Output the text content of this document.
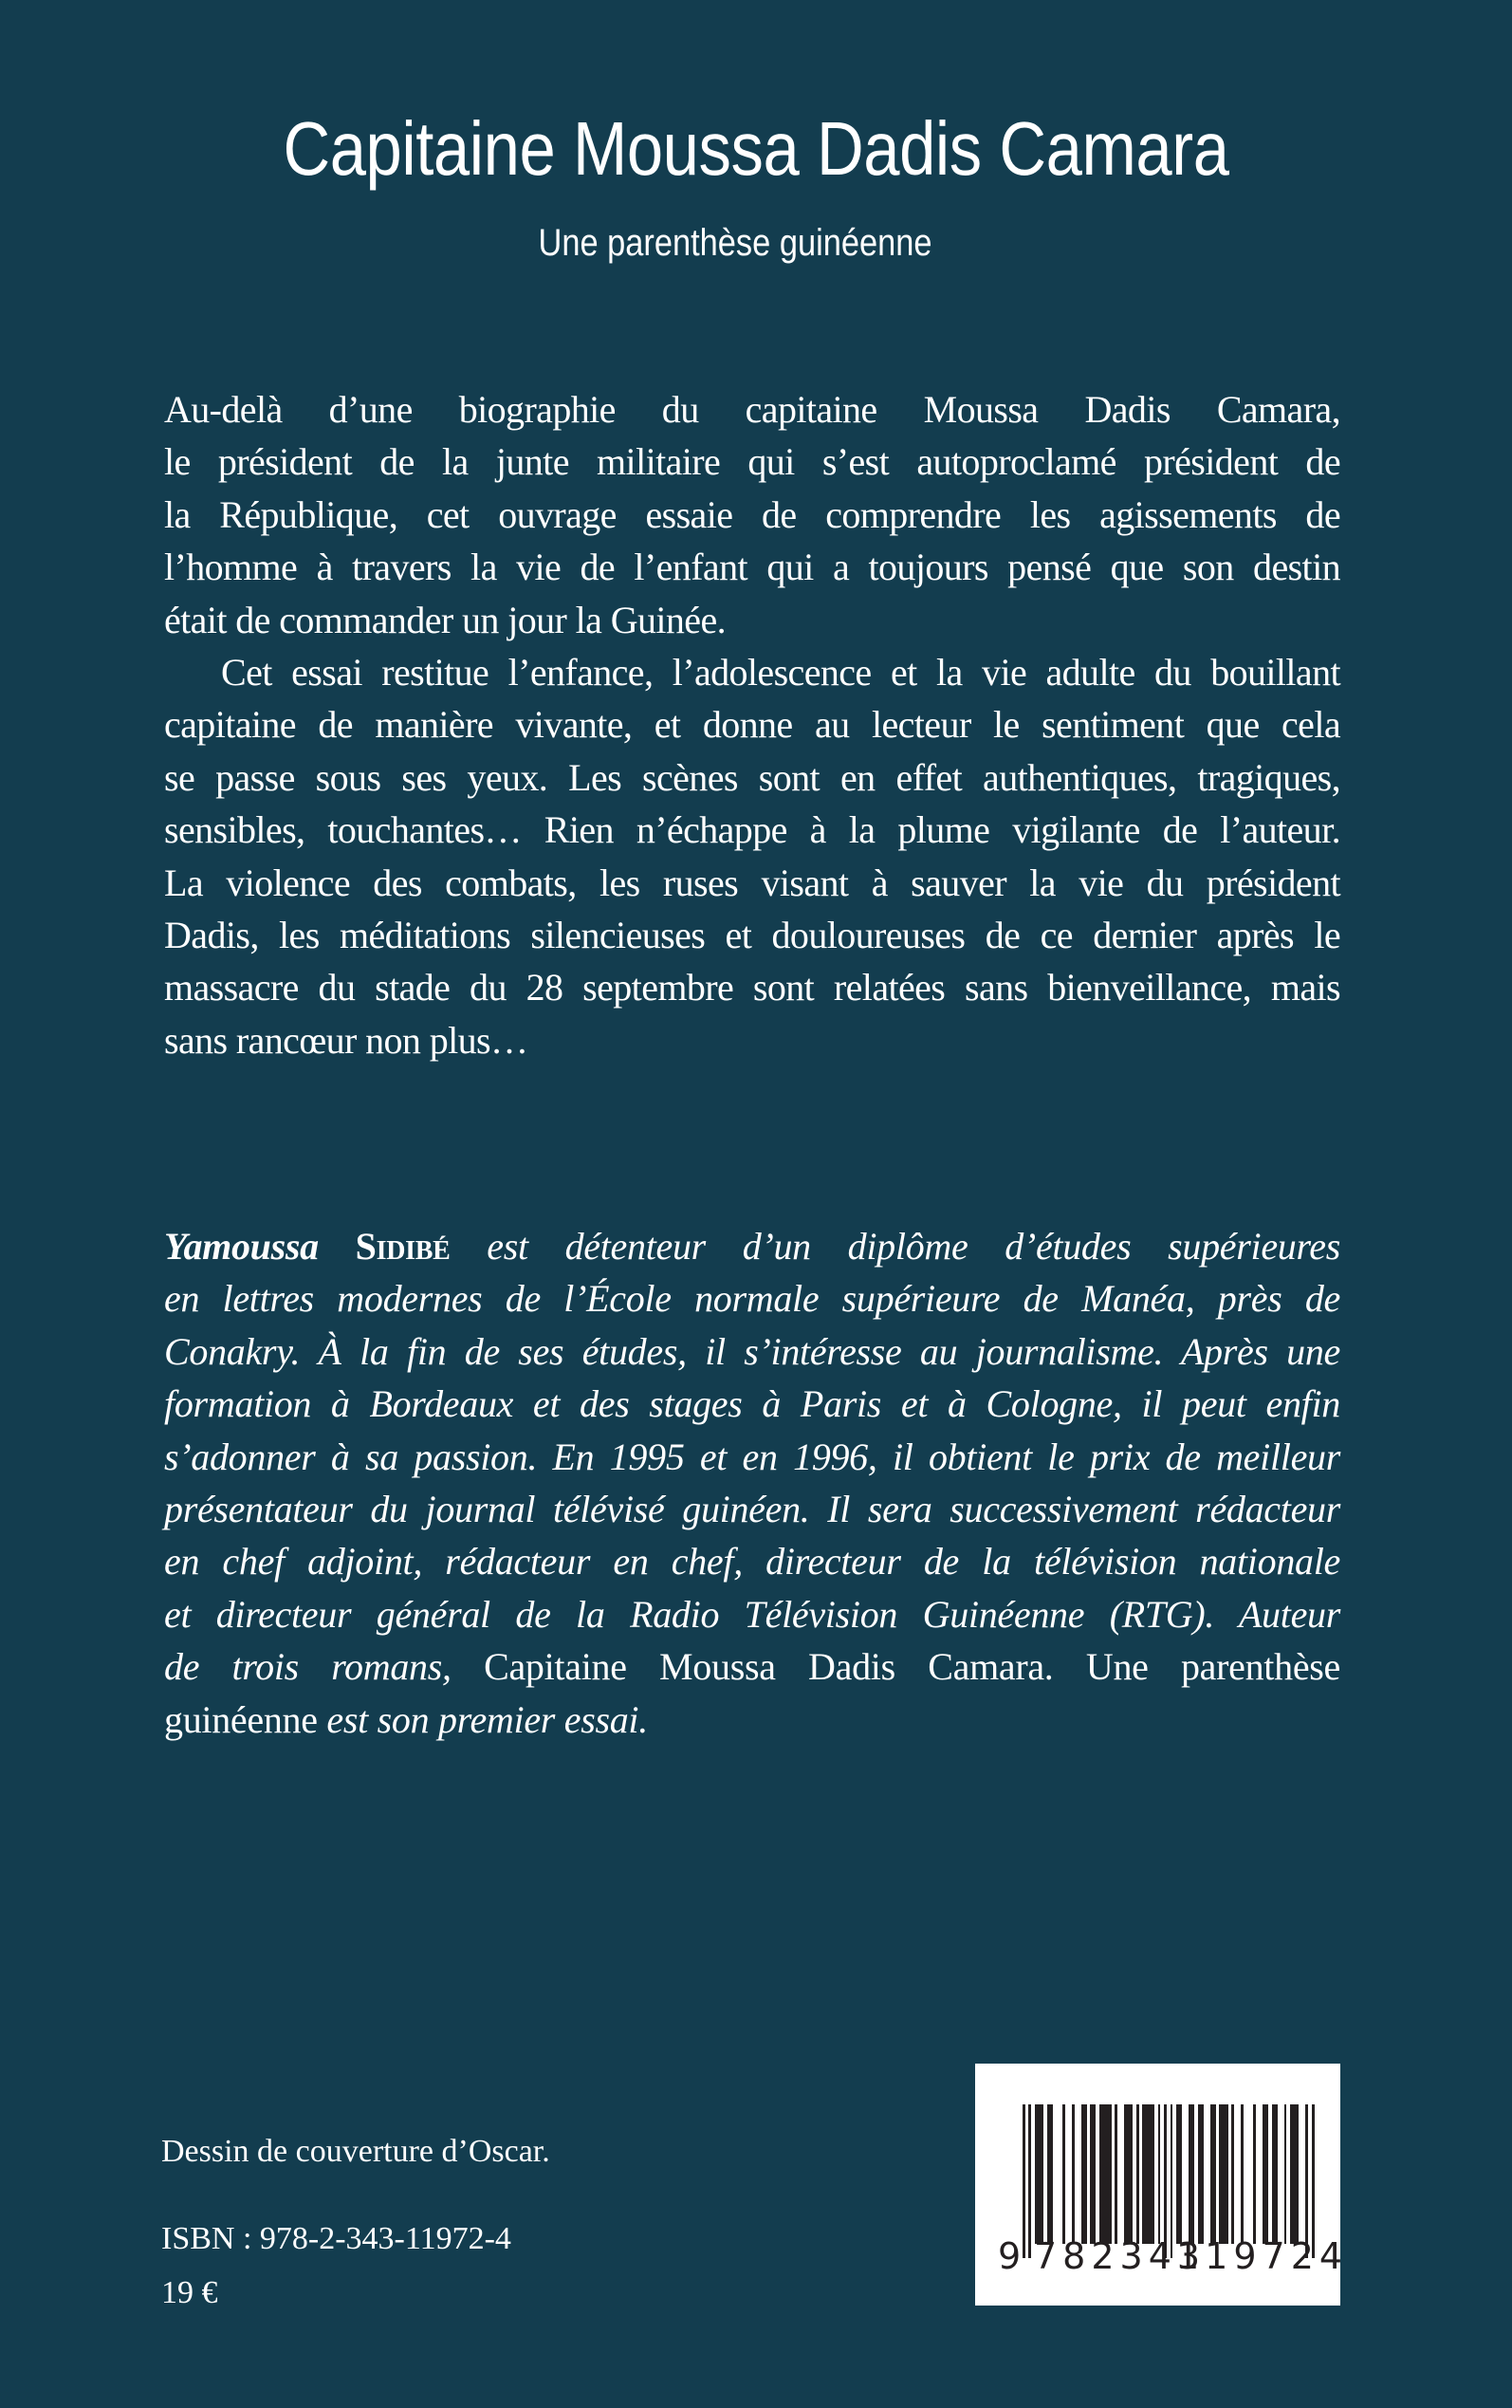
Capitaine Moussa Dadis Camara
Une parenthèse guinéenne
Au-delà d’une biographie du capitaine Moussa Dadis Camara,
le président de la junte militaire qui s’est autoproclamé président de
la République, cet ouvrage essaie de comprendre les agissements de
l’homme à travers la vie de l’enfant qui a toujours pensé que son destin
était de commander un jour la Guinée.
Cet essai restitue l’enfance, l’adolescence et la vie adulte du bouillant
capitaine de manière vivante, et donne au lecteur le sentiment que cela
se passe sous ses yeux. Les scènes sont en effet authentiques, tragiques,
sensibles, touchantes… Rien n’échappe à la plume vigilante de l’auteur.
La violence des combats, les ruses visant à sauver la vie du président
Dadis, les méditations silencieuses et douloureuses de ce dernier après le
massacre du stade du 28 septembre sont relatées sans bienveillance, mais
sans rancœur non plus…
Yamoussa Sidibé est détenteur d’un diplôme d’études supérieures
en lettres modernes de l’École normale supérieure de Manéa, près de
Conakry. À la fin de ses études, il s’intéresse au journalisme. Après une
formation à Bordeaux et des stages à Paris et à Cologne, il peut enfin
s’adonner à sa passion. En 1995 et en 1996, il obtient le prix de meilleur
présentateur du journal télévisé guinéen. Il sera successivement rédacteur
en chef adjoint, rédacteur en chef, directeur de la télévision nationale
et directeur général de la Radio Télévision Guinéenne (RTG). Auteur
de trois romans, Capitaine Moussa Dadis Camara. Une parenthèse
guinéenne est son premier essai.
Dessin de couverture d’Oscar.
ISBN : 978-2-343-11972-4
19 €
9 782343
119724
